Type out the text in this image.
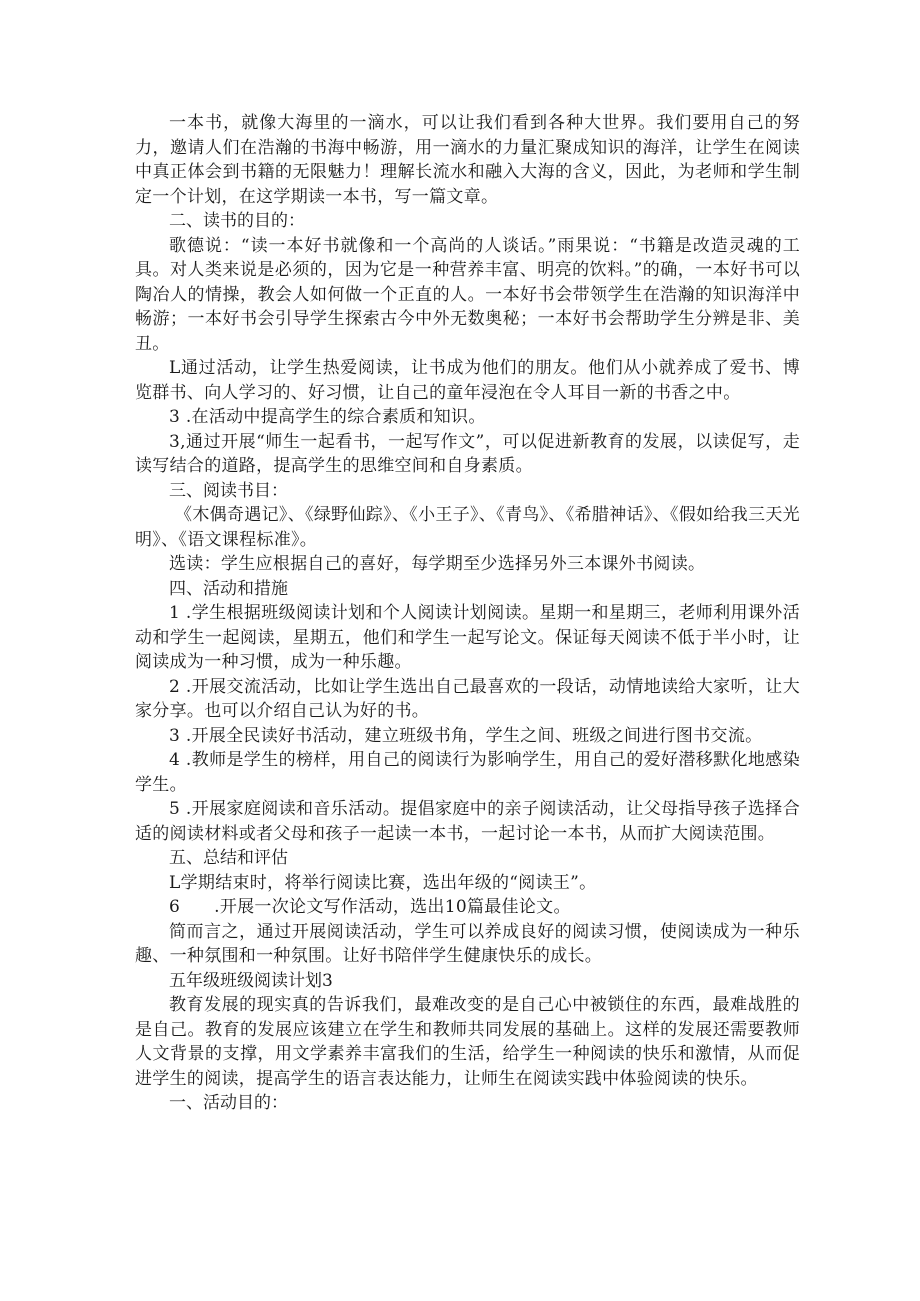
一本书，就像大海里的一滴水，可以让我们看到各种大世界。我们要用自己的努力，邀请人们在浩瀚的书海中畅游，用一滴水的力量汇聚成知识的海洋，让学生在阅读中真正体会到书籍的无限魅力！理解长流水和融入大海的含义，因此，为老师和学生制定一个计划，在这学期读一本书，写一篇文章。

二、读书的目的：

歌德说：“读一本好书就像和一个高尚的人谈话。”雨果说：“书籍是改造灵魂的工具。对人类来说是必须的，因为它是一种营养丰富、明亮的饮料。”的确，一本好书可以陶冶人的情操，教会人如何做一个正直的人。一本好书会带领学生在浩瀚的知识海洋中畅游；一本好书会引导学生探索古今中外无数奥秘；一本好书会帮助学生分辨是非、美丑。

L通过活动，让学生热爱阅读，让书成为他们的朋友。他们从小就养成了爱书、博览群书、向人学习的、好习惯，让自己的童年浸泡在令人耳目一新的书香之中。

3 .在活动中提高学生的综合素质和知识。

3,通过开展“师生一起看书，一起写作文”，可以促进新教育的发展，以读促写，走读写结合的道路，提高学生的思维空间和自身素质。

三、阅读书目：

《木偶奇遇记》、《绿野仙踪》、《小王子》、《青鸟》、《希腊神话》、《假如给我三天光明》、《语文课程标准》。

选读：学生应根据自己的喜好，每学期至少选择另外三本课外书阅读。

四、活动和措施

1 .学生根据班级阅读计划和个人阅读计划阅读。星期一和星期三，老师利用课外活动和学生一起阅读，星期五，他们和学生一起写论文。保证每天阅读不低于半小时，让阅读成为一种习惯，成为一种乐趣。

2 .开展交流活动，比如让学生选出自己最喜欢的一段话，动情地读给大家听，让大家分享。也可以介绍自己认为好的书。

3 .开展全民读好书活动，建立班级书角，学生之间、班级之间进行图书交流。

4 .教师是学生的榜样，用自己的阅读行为影响学生，用自己的爱好潜移默化地感染学生。

5 .开展家庭阅读和音乐活动。提倡家庭中的亲子阅读活动，让父母指导孩子选择合适的阅读材料或者父母和孩子一起读一本书，一起讨论一本书，从而扩大阅读范围。

五、总结和评估

L学期结束时，将举行阅读比赛，选出年级的“阅读王”。

6 .开展一次论文写作活动，选出10篇最佳论文。

简而言之，通过开展阅读活动，学生可以养成良好的阅读习惯，使阅读成为一种乐趣、一种氛围和一种氛围。让好书陪伴学生健康快乐的成长。

五年级班级阅读计划3

教育发展的现实真的告诉我们，最难改变的是自己心中被锁住的东西，最难战胜的是自己。教育的发展应该建立在学生和教师共同发展的基础上。这样的发展还需要教师人文背景的支撑，用文学素养丰富我们的生活，给学生一种阅读的快乐和激情，从而促进学生的阅读，提高学生的语言表达能力，让师生在阅读实践中体验阅读的快乐。

一、活动目的：
